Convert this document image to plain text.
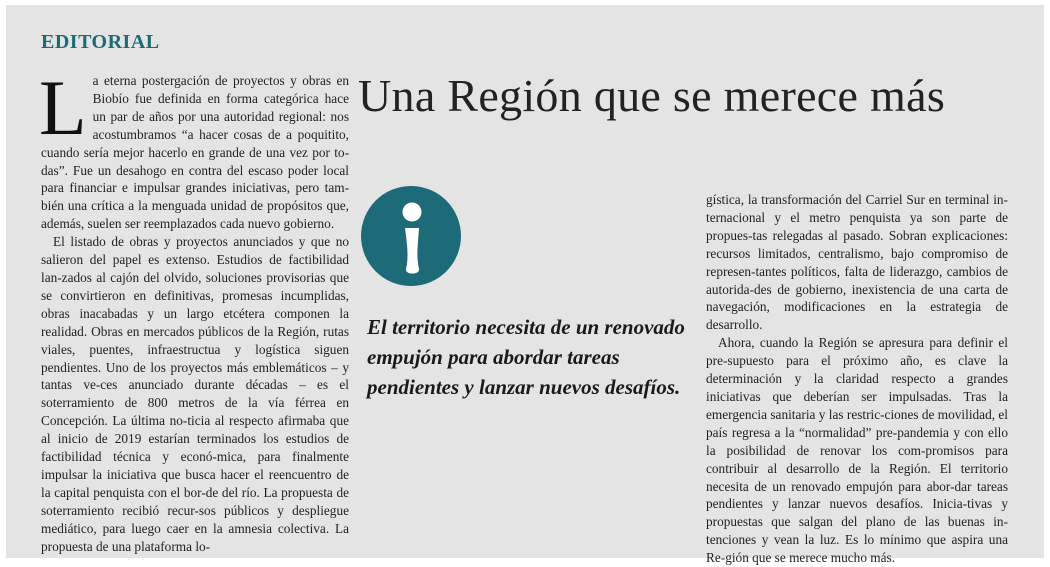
EDITORIAL
Una Región que se merece más

La eterna postergación de proyectos y obras en Biobío fue definida en forma categórica hace un par de años por una autoridad regional: nos acostumbramos “a hacer cosas de a poquitito, cuando sería mejor hacerlo en grande de una vez por to-das”. Fue un desahogo en contra del escaso poder local para financiar e impulsar grandes iniciativas, pero tam-bién una crítica a la menguada unidad de propósitos que, además, suelen ser reemplazados cada nuevo gobierno.

El listado de obras y proyectos anunciados y que no salieron del papel es extenso. Estudios de factibilidad lan-zados al cajón del olvido, soluciones provisorias que se convirtieron en definitivas, promesas incumplidas, obras inacabadas y un largo etcétera componen la realidad. Obras en mercados públicos de la Región, rutas viales, puentes, infraestructua y logística siguen pendientes. Uno de los proyectos más emblemáticos – y tantas ve-ces anunciado durante décadas – es el soterramiento de 800 metros de la vía férrea en Concepción. La última no-ticia al respecto afirmaba que al inicio de 2019 estarían terminados los estudios de factibilidad técnica y econó-mica, para finalmente impulsar la iniciativa que busca hacer el reencuentro de la capital penquista con el bor-de del río. La propuesta de soterramiento recibió recur-sos públicos y despliegue mediático, para luego caer en la amnesia colectiva. La propuesta de una plataforma lo-

El territorio necesita de un renovado empujón para abordar tareas pendientes y lanzar nuevos desafíos.

gística, la transformación del Carriel Sur en terminal in-ternacional y el metro penquista ya son parte de propues-tas relegadas al pasado. Sobran explicaciones: recursos limitados, centralismo, bajo compromiso de represen-tantes políticos, falta de liderazgo, cambios de autorida-des de gobierno, inexistencia de una carta de navegación, modificaciones en la estrategia de desarrollo.

Ahora, cuando la Región se apresura para definir el pre-supuesto para el próximo año, es clave la determinación y la claridad respecto a grandes iniciativas que deberían ser impulsadas. Tras la emergencia sanitaria y las restric-ciones de movilidad, el país regresa a la “normalidad” pre-pandemia y con ello la posibilidad de renovar los com-promisos para contribuir al desarrollo de la Región. El territorio necesita de un renovado empujón para abor-dar tareas pendientes y lanzar nuevos desafíos. Inicia-tivas y propuestas que salgan del plano de las buenas in-tenciones y vean la luz. Es lo mínimo que aspira una Re-gión que se merece mucho más.
